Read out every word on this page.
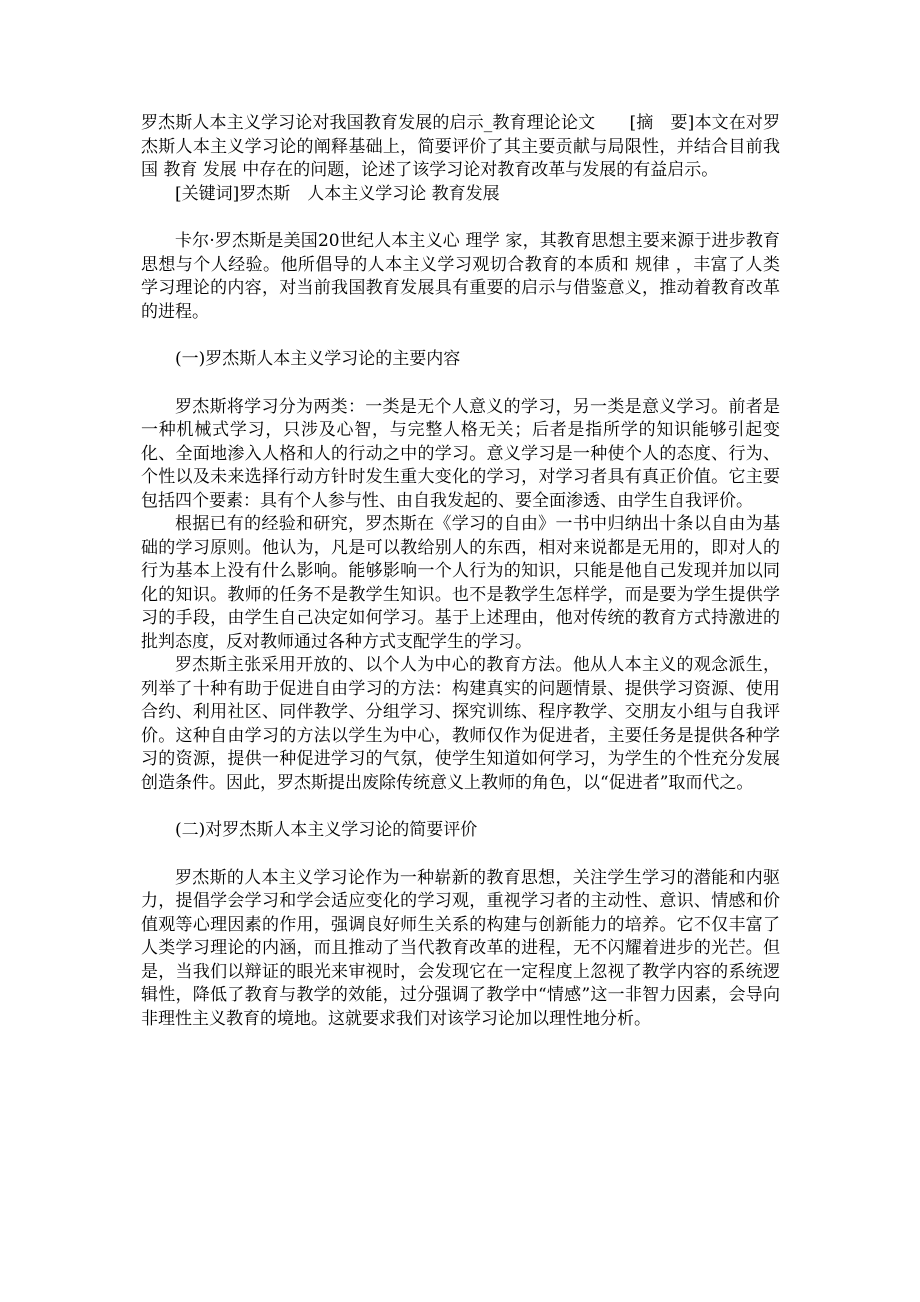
罗杰斯人本主义学习论对我国教育发展的启示_教育理论论文　　[摘　要]本文在对罗杰斯人本主义学习论的阐释基础上，简要评价了其主要贡献与局限性，并结合目前我国 教育 发展 中存在的问题，论述了该学习论对教育改革与发展的有益启示。

[关键词]罗杰斯　人本主义学习论 教育发展

卡尔·罗杰斯是美国20世纪人本主义心 理学 家，其教育思想主要来源于进步教育思想与个人经验。他所倡导的人本主义学习观切合教育的本质和 规律 ，丰富了人类学习理论的内容，对当前我国教育发展具有重要的启示与借鉴意义，推动着教育改革的进程。

(一)罗杰斯人本主义学习论的主要内容

罗杰斯将学习分为两类：一类是无个人意义的学习，另一类是意义学习。前者是一种机械式学习，只涉及心智，与完整人格无关；后者是指所学的知识能够引起变化、全面地渗入人格和人的行动之中的学习。意义学习是一种使个人的态度、行为、个性以及未来选择行动方针时发生重大变化的学习，对学习者具有真正价值。它主要包括四个要素：具有个人参与性、由自我发起的、要全面渗透、由学生自我评价。

根据已有的经验和研究，罗杰斯在《学习的自由》一书中归纳出十条以自由为基础的学习原则。他认为，凡是可以教给别人的东西，相对来说都是无用的，即对人的行为基本上没有什么影响。能够影响一个人行为的知识，只能是他自己发现并加以同化的知识。教师的任务不是教学生知识。也不是教学生怎样学，而是要为学生提供学习的手段，由学生自己决定如何学习。基于上述理由，他对传统的教育方式持激进的批判态度，反对教师通过各种方式支配学生的学习。

罗杰斯主张采用开放的、以个人为中心的教育方法。他从人本主义的观念派生，列举了十种有助于促进自由学习的方法：构建真实的问题情景、提供学习资源、使用合约、利用社区、同伴教学、分组学习、探究训练、程序教学、交朋友小组与自我评价。这种自由学习的方法以学生为中心，教师仅作为促进者，主要任务是提供各种学习的资源，提供一种促进学习的气氛，使学生知道如何学习，为学生的个性充分发展创造条件。因此，罗杰斯提出废除传统意义上教师的角色，以“促进者”取而代之。

(二)对罗杰斯人本主义学习论的简要评价

罗杰斯的人本主义学习论作为一种崭新的教育思想，关注学生学习的潜能和内驱力，提倡学会学习和学会适应变化的学习观，重视学习者的主动性、意识、情感和价值观等心理因素的作用，强调良好师生关系的构建与创新能力的培养。它不仅丰富了人类学习理论的内涵，而且推动了当代教育改革的进程，无不闪耀着进步的光芒。但是，当我们以辩证的眼光来审视时，会发现它在一定程度上忽视了教学内容的系统逻辑性，降低了教育与教学的效能，过分强调了教学中“情感”这一非智力因素，会导向非理性主义教育的境地。这就要求我们对该学习论加以理性地分析。
